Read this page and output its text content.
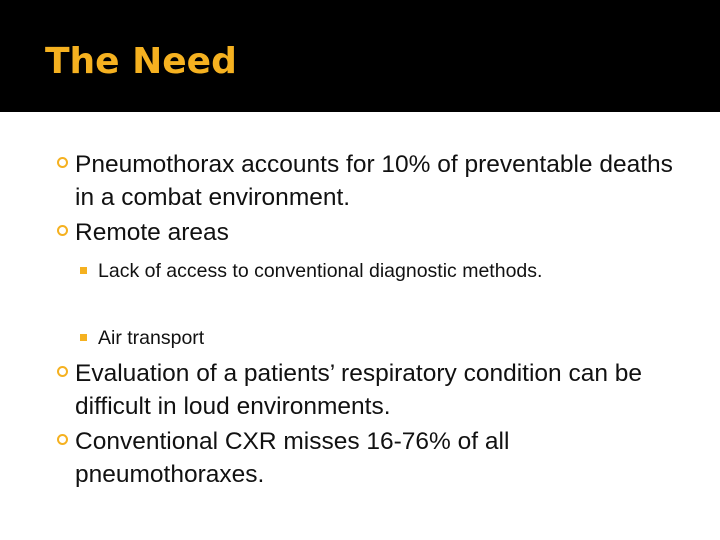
The Need
Pneumothorax accounts for 10% of preventable deaths in a combat environment.
Remote areas
Lack of access to conventional diagnostic methods.
Air transport
Evaluation of a patients’ respiratory condition can be difficult in loud environments.
Conventional CXR misses 16-76% of all pneumothoraxes.
